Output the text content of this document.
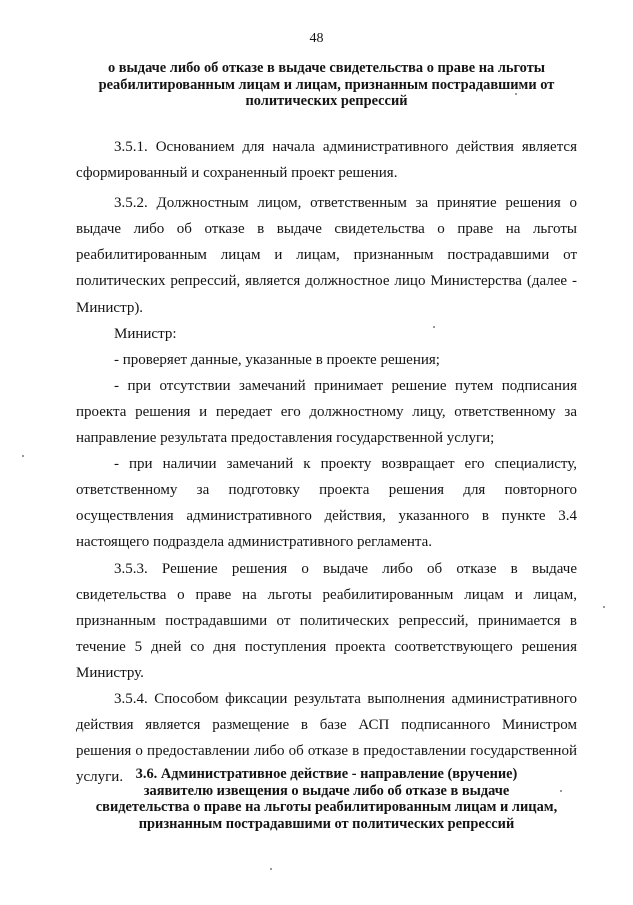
48
о выдаче либо об отказе в выдаче свидетельства о праве на льготы
реабилитированным лицам и лицам, признанным пострадавшими от
политических репрессий

3.5.1. Основанием для начала административного действия является сформированный и сохраненный проект решения.

3.5.2. Должностным лицом, ответственным за принятие решения о выдаче либо об отказе в выдаче свидетельства о праве на льготы реабилитированным лицам и лицам, признанным пострадавшими от политических репрессий, является должностное лицо Министерства (далее - Министр).

Министр:

- проверяет данные, указанные в проекте решения;

- при отсутствии замечаний принимает решение путем подписания проекта решения и передает его должностному лицу, ответственному за направление результата предоставления государственной услуги;

- при наличии замечаний к проекту возвращает его специалисту, ответственному за подготовку проекта решения для повторного осуществления административного действия, указанного в пункте 3.4 настоящего подраздела административного регламента.

3.5.3. Решение решения о выдаче либо об отказе в выдаче свидетельства о праве на льготы реабилитированным лицам и лицам, признанным пострадавшими от политических репрессий, принимается в течение 5 дней со дня поступления проекта соответствующего решения Министру.

3.5.4. Способом фиксации результата выполнения административного действия является размещение в базе АСП подписанного Министром решения о предоставлении либо об отказе в предоставлении государственной услуги. 3.6. Административное действие - направление (вручение)
заявителю извещения о выдаче либо об отказе в выдаче
свидетельства о праве на льготы реабилитированным лицам и лицам,
признанным пострадавшими от политических репрессий
